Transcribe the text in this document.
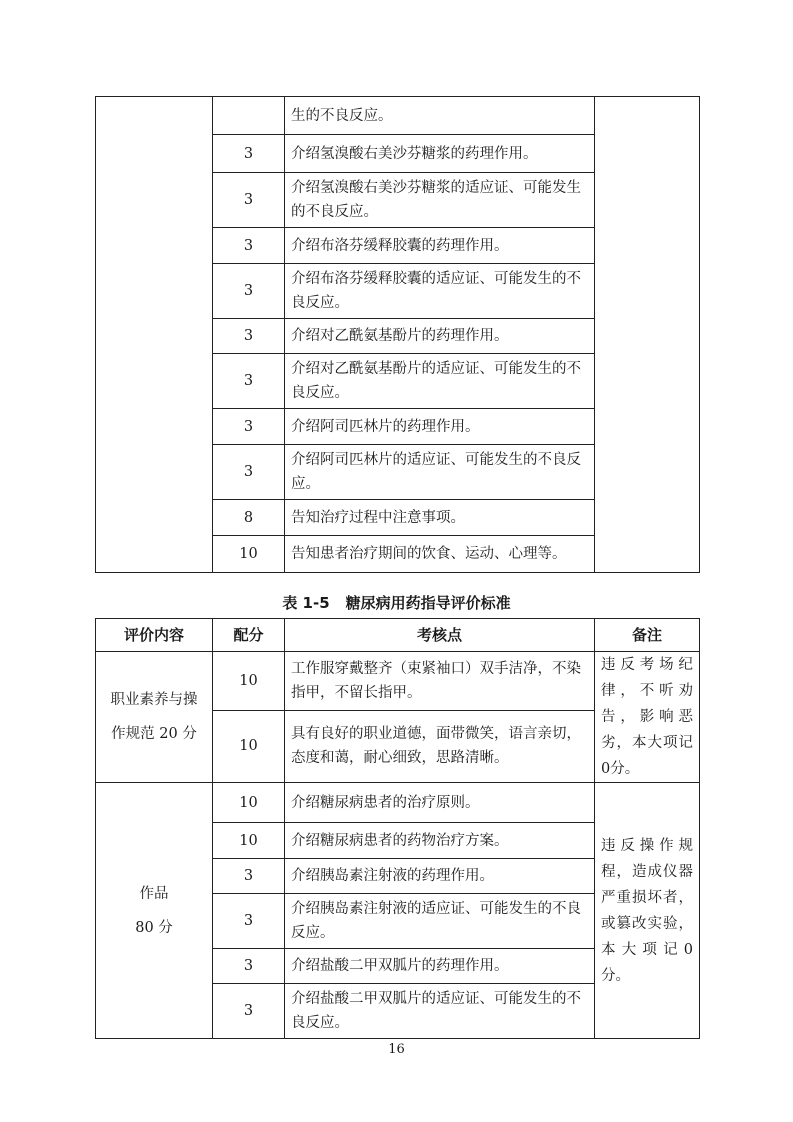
		生的不良反应。	
	3	介绍氢溴酸右美沙芬糖浆的药理作用。	
	3	介绍氢溴酸右美沙芬糖浆的适应证、可能发生的不良反应。	
	3	介绍布洛芬缓释胶囊的药理作用。	
	3	介绍布洛芬缓释胶囊的适应证、可能发生的不良反应。	
	3	介绍对乙酰氨基酚片的药理作用。	
	3	介绍对乙酰氨基酚片的适应证、可能发生的不良反应。	
	3	介绍阿司匹林片的药理作用。	
	3	介绍阿司匹林片的适应证、可能发生的不良反应。	
	8	告知治疗过程中注意事项。	
	10	告知患者治疗期间的饮食、运动、心理等。	
表 1-5 糖尿病用药指导评价标准
评价内容	配分	考核点	备注

职业素养与操
作规范 20 分	10	工作服穿戴整齐（束紧袖口）双手洁净，不染指甲，不留长指甲。	违反考场纪律，不听劝告，影响恶劣，本大项记0分。
	10	具有良好的职业道德，面带微笑，语言亲切，态度和蔼，耐心细致，思路清晰。	

作品
80 分	10	介绍糖尿病患者的治疗原则。	违反操作规程，造成仪器严重损坏者，或篡改实验，本大项记0分。
	10	介绍糖尿病患者的药物治疗方案。	
	3	介绍胰岛素注射液的药理作用。	
	3	介绍胰岛素注射液的适应证、可能发生的不良反应。	
	3	介绍盐酸二甲双胍片的药理作用。	
	3	介绍盐酸二甲双胍片的适应证、可能发生的不良反应。	
16
